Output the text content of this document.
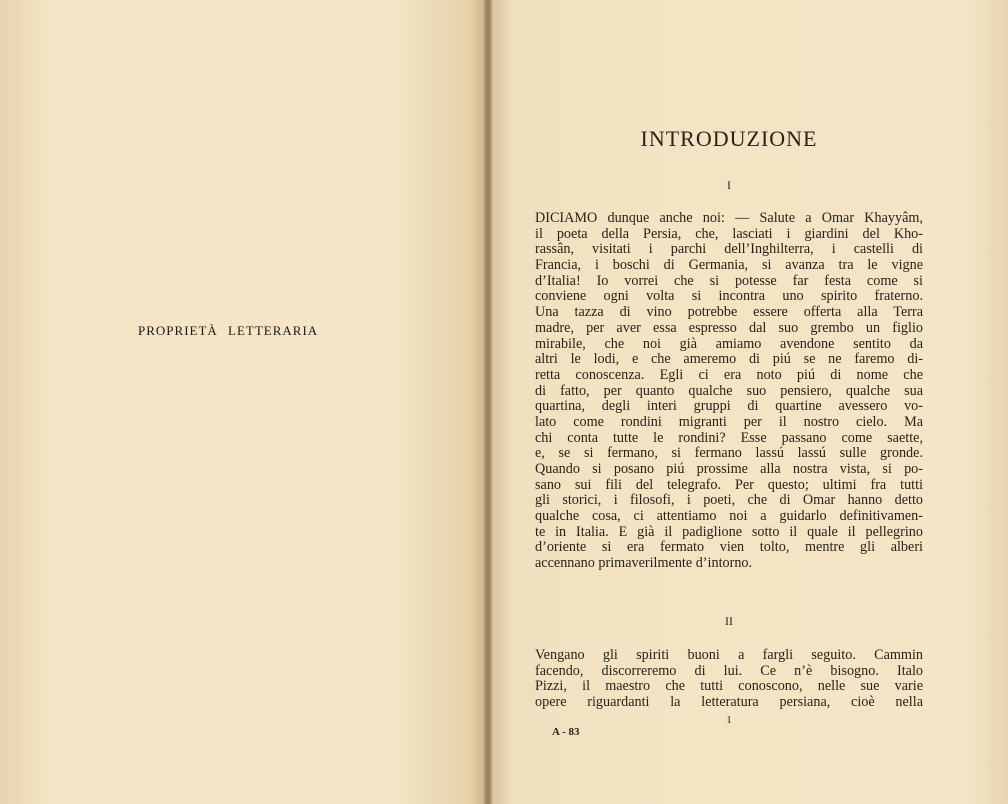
PROPRIETÀ LETTERARIA
INTRODUZIONE
I
DICIAMO dunque anche noi: — Salute a Omar Khayyâm,
il poeta della Persia, che, lasciati i giardini del Kho-
rassân, visitati i parchi dell’Inghilterra, i castelli di
Francia, i boschi di Germania, si avanza tra le vigne
d’Italia! Io vorrei che si potesse far festa come si
conviene ogni volta si incontra uno spirito fraterno.
Una tazza di vino potrebbe essere offerta alla Terra
madre, per aver essa espresso dal suo grembo un figlio
mirabile, che noi già amiamo avendone sentito da
altri le lodi, e che ameremo di piú se ne faremo di-
retta conoscenza. Egli ci era noto piú di nome che
di fatto, per quanto qualche suo pensiero, qualche sua
quartina, degli interi gruppi di quartine avessero vo-
lato come rondini migranti per il nostro cielo. Ma
chi conta tutte le rondini? Esse passano come saette,
e, se si fermano, si fermano lassú lassú sulle gronde.
Quando si posano piú prossime alla nostra vista, si po-
sano sui fili del telegrafo. Per questo; ultimi fra tutti
gli storici, i filosofi, i poeti, che di Omar hanno detto
qualche cosa, ci attentiamo noi a guidarlo definitivamen-
te in Italia. E già il padiglione sotto il quale il pellegrino
d’oriente si era fermato vien tolto, mentre gli alberi
accennano primaverilmente d’intorno.
II
Vengano gli spiriti buoni a fargli seguito. Cammin
facendo, discorreremo di lui. Ce n’è bisogno. Italo
Pizzi, il maestro che tutti conoscono, nelle sue varie
opere riguardanti la letteratura persiana, cioè nella
1
A - 83
